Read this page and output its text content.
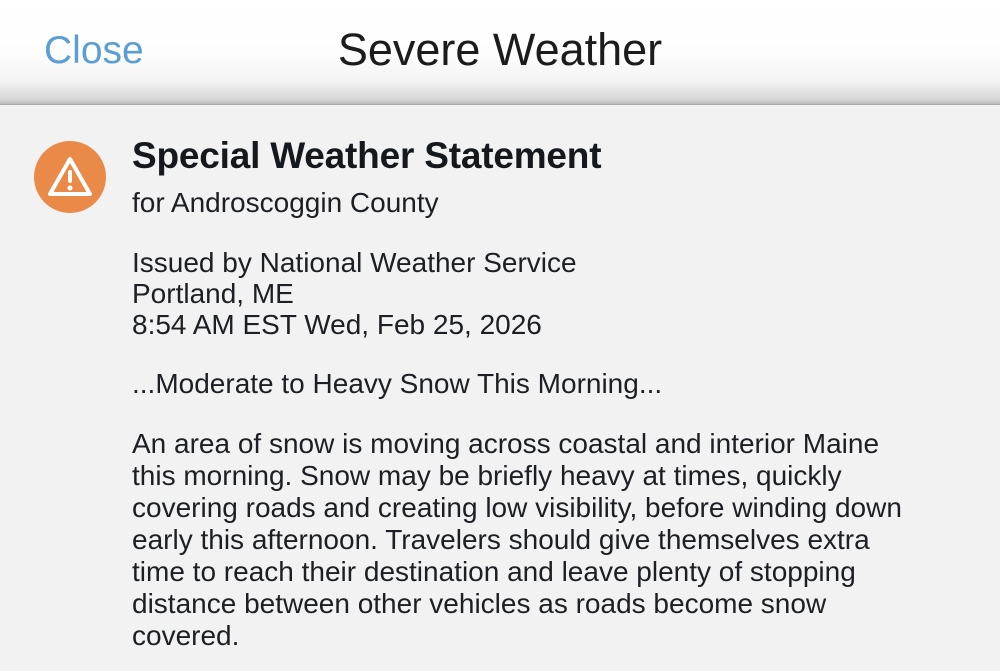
Close	Severe Weather
Special Weather Statement
for Androscoggin County
Issued by National Weather Service
Portland, ME
8:54 AM EST Wed, Feb 25, 2026
...Moderate to Heavy Snow This Morning...

An area of snow is moving across coastal and interior Maine this morning. Snow may be briefly heavy at times, quickly covering roads and creating low visibility, before winding down early this afternoon. Travelers should give themselves extra time to reach their destination and leave plenty of stopping distance between other vehicles as roads become snow covered.
